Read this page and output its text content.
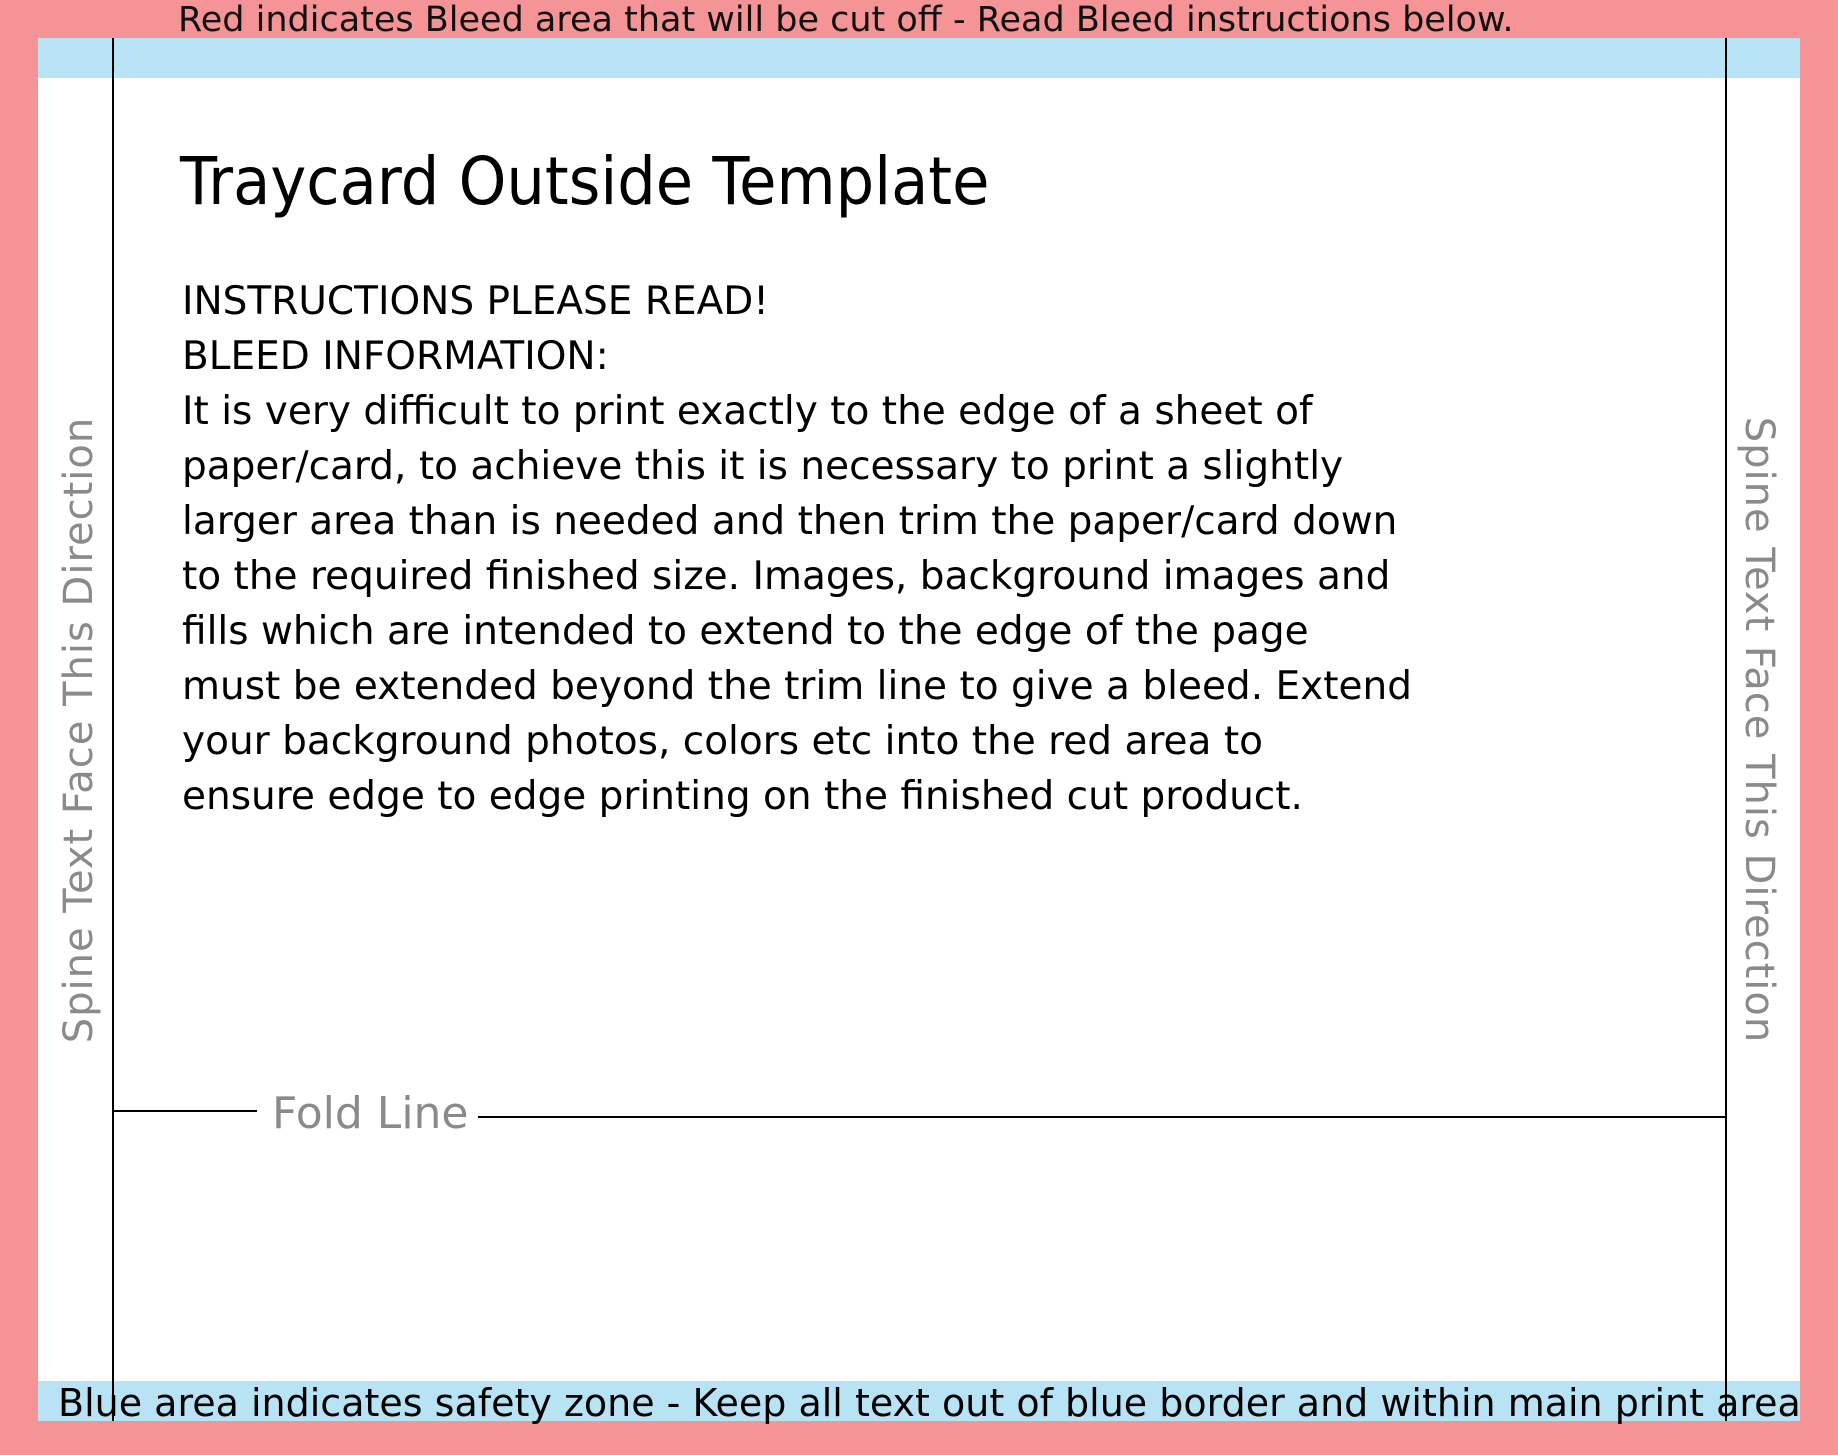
Red indicates Bleed area that will be cut off - Read Bleed instructions below.
Traycard Outside Template
INSTRUCTIONS PLEASE READ!
BLEED INFORMATION:
It is very difficult to print exactly to the edge of a sheet of
paper/card, to achieve this it is necessary to print a slightly
larger area than is needed and then trim the paper/card down
to the required finished size. Images, background images and
fills which are intended to extend to the edge of the page
must be extended beyond the trim line to give a bleed. Extend
your background photos, colors etc into the red area to
ensure edge to edge printing on the finished cut product.
Spine Text Face This Direction	Spine Text Face This Direction
Fold Line
Blue area indicates safety zone - Keep all text out of blue border and within main print area
